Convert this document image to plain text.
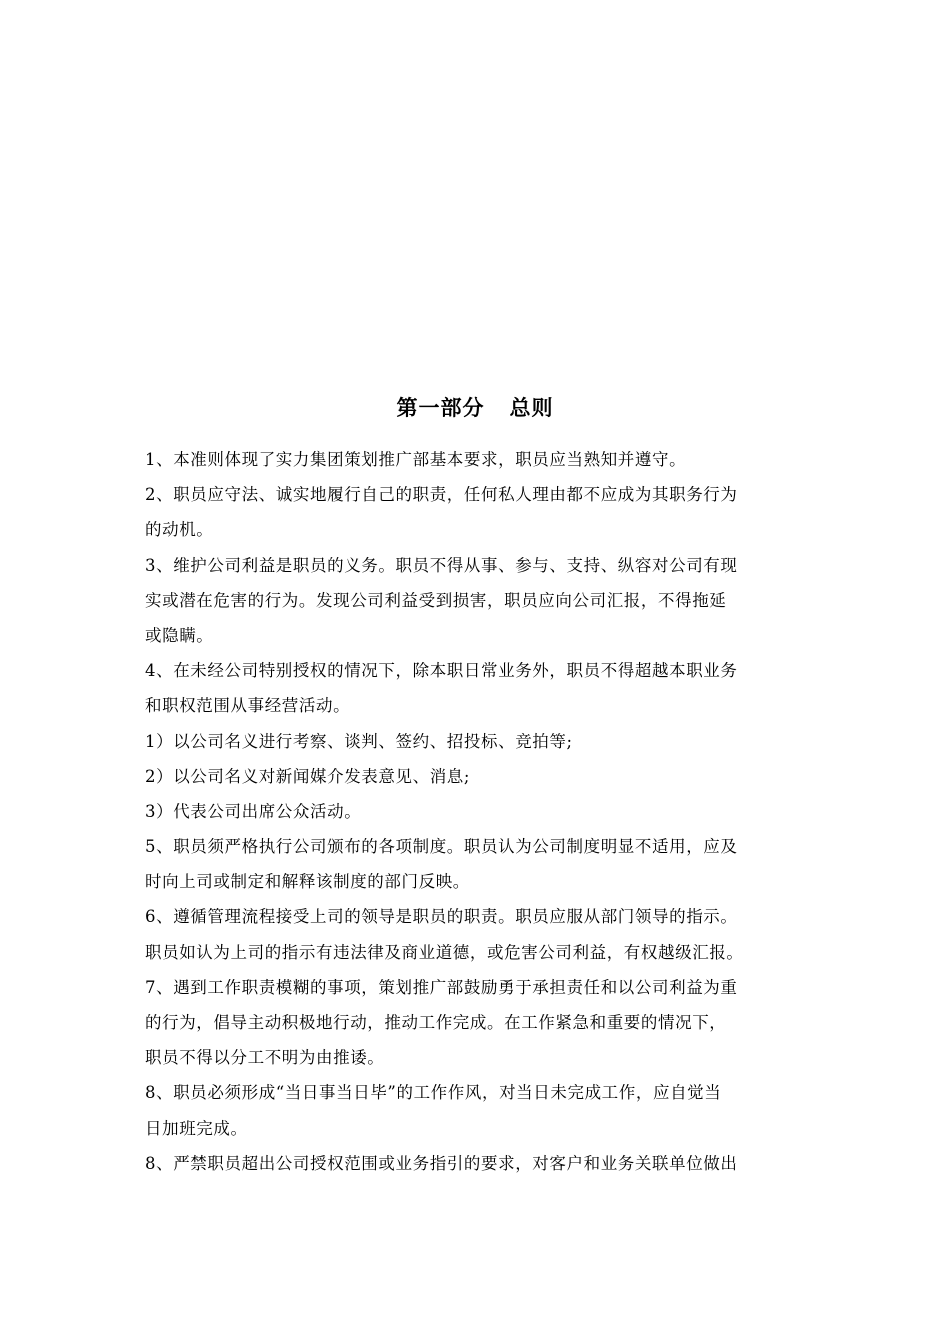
第一部分   总则
1、本准则体现了实力集团策划推广部基本要求，职员应当熟知并遵守。
2、职员应守法、诚实地履行自己的职责，任何私人理由都不应成为其职务行为
的动机。
3、维护公司利益是职员的义务。职员不得从事、参与、支持、纵容对公司有现
实或潜在危害的行为。发现公司利益受到损害，职员应向公司汇报，不得拖延
或隐瞒。
4、在未经公司特别授权的情况下，除本职日常业务外，职员不得超越本职业务
和职权范围从事经营活动。
1）以公司名义进行考察、谈判、签约、招投标、竞拍等;
2）以公司名义对新闻媒介发表意见、消息;
3）代表公司出席公众活动。
5、职员须严格执行公司颁布的各项制度。职员认为公司制度明显不适用，应及
时向上司或制定和解释该制度的部门反映。
6、遵循管理流程接受上司的领导是职员的职责。职员应服从部门领导的指示。
职员如认为上司的指示有违法律及商业道德，或危害公司利益，有权越级汇报。
7、遇到工作职责模糊的事项，策划推广部鼓励勇于承担责任和以公司利益为重
的行为，倡导主动积极地行动，推动工作完成。在工作紧急和重要的情况下，
职员不得以分工不明为由推诿。
8、职员必须形成“当日事当日毕”的工作作风，对当日未完成工作，应自觉当
日加班完成。
8、严禁职员超出公司授权范围或业务指引的要求，对客户和业务关联单位做出
